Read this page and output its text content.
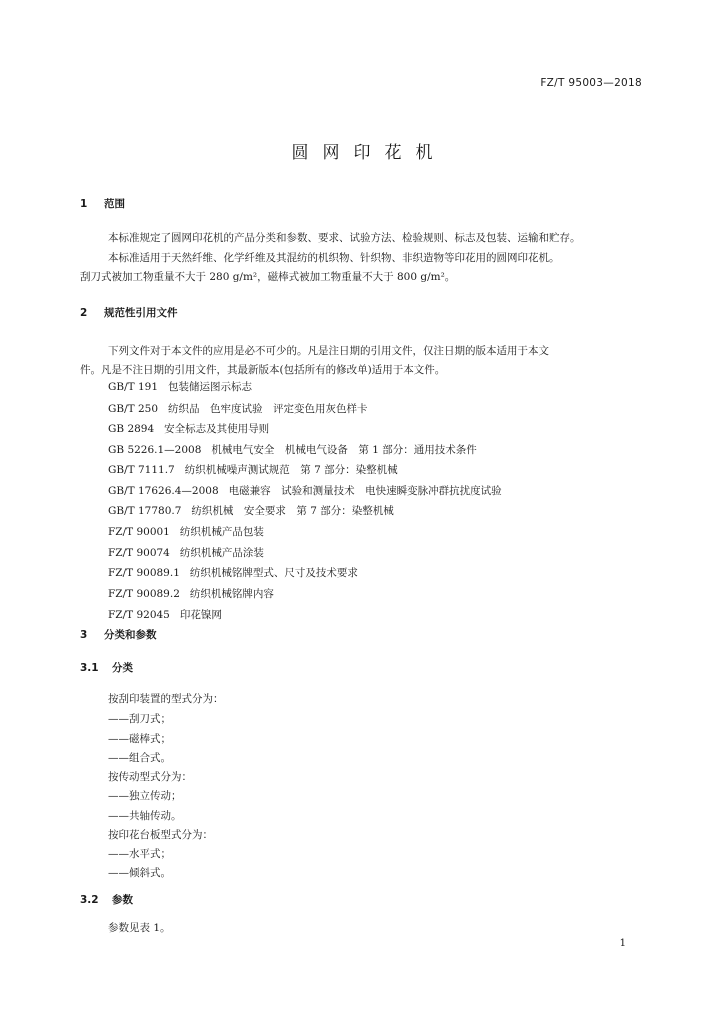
FZ/T 95003—2018
圆网印花机
1 范围
本标准规定了圆网印花机的产品分类和参数、要求、试验方法、检验规则、标志及包装、运输和贮存。
本标准适用于天然纤维、化学纤维及其混纺的机织物、针织物、非织造物等印花用的圆网印花机。
刮刀式被加工物重量不大于 280 g/m²，磁棒式被加工物重量不大于 800 g/m²。
2 规范性引用文件
下列文件对于本文件的应用是必不可少的。凡是注日期的引用文件，仅注日期的版本适用于本文
件。凡是不注日期的引用文件，其最新版本(包括所有的修改单)适用于本文件。
GB/T 191 包装储运图示标志
GB/T 250 纺织品　色牢度试验　评定变色用灰色样卡
GB 2894 安全标志及其使用导则
GB 5226.1—2008 机械电气安全　机械电气设备　第 1 部分：通用技术条件
GB/T 7111.7 纺织机械噪声测试规范　第 7 部分：染整机械
GB/T 17626.4—2008 电磁兼容　试验和测量技术　电快速瞬变脉冲群抗扰度试验
GB/T 17780.7 纺织机械　安全要求　第 7 部分：染整机械
FZ/T 90001 纺织机械产品包装
FZ/T 90074 纺织机械产品涂装
FZ/T 90089.1 纺织机械铭牌型式、尺寸及技术要求
FZ/T 90089.2 纺织机械铭牌内容
FZ/T 92045 印花镍网
3 分类和参数
3.1 分类
按刮印装置的型式分为：
——刮刀式；
——磁棒式；
——组合式。
按传动型式分为：
——独立传动；
——共轴传动。
按印花台板型式分为：
——水平式；
——倾斜式。
3.2 参数
参数见表 1。
1
